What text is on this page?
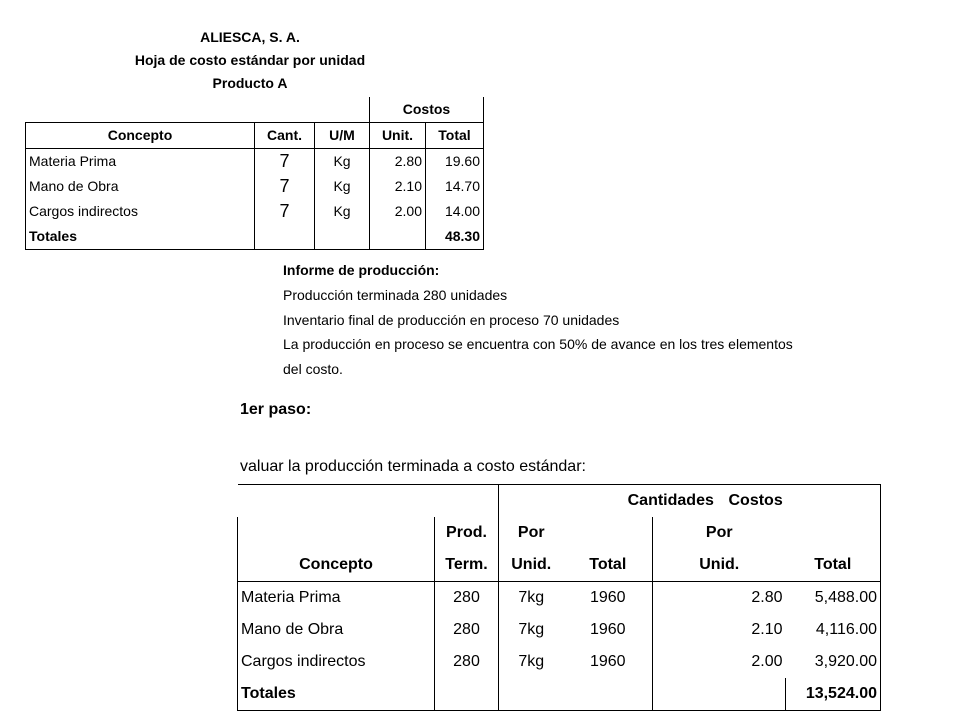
ALIESCA, S. A.
Hoja de costo estándar por unidad
Producto A
			Costos	
Concepto	Cant.	U/M	Unit.	Total
Materia Prima	7	Kg	2.80	19.60
Mano de Obra	7	Kg	2.10	14.70
Cargos indirectos	7	Kg	2.00	14.00
Totales				48.30
Informe de producción:
Producción terminada 280 unidades
Inventario final de producción en proceso 70 unidades
La producción en proceso se encuentra con 50% de avance en los tres elementos
del costo.
1er paso:
valuar la producción terminada a costo estándar:
		Cantidades			Costos
	Prod.	Por		Por	
Concepto	Term.	Unid.	Total	Unid.	Total
Materia Prima	280	7kg	1960	2.80	5,488.00
Mano de Obra	280	7kg	1960	2.10	4,116.00
Cargos indirectos	280	7kg	1960	2.00	3,920.00
Totales					13,524.00
